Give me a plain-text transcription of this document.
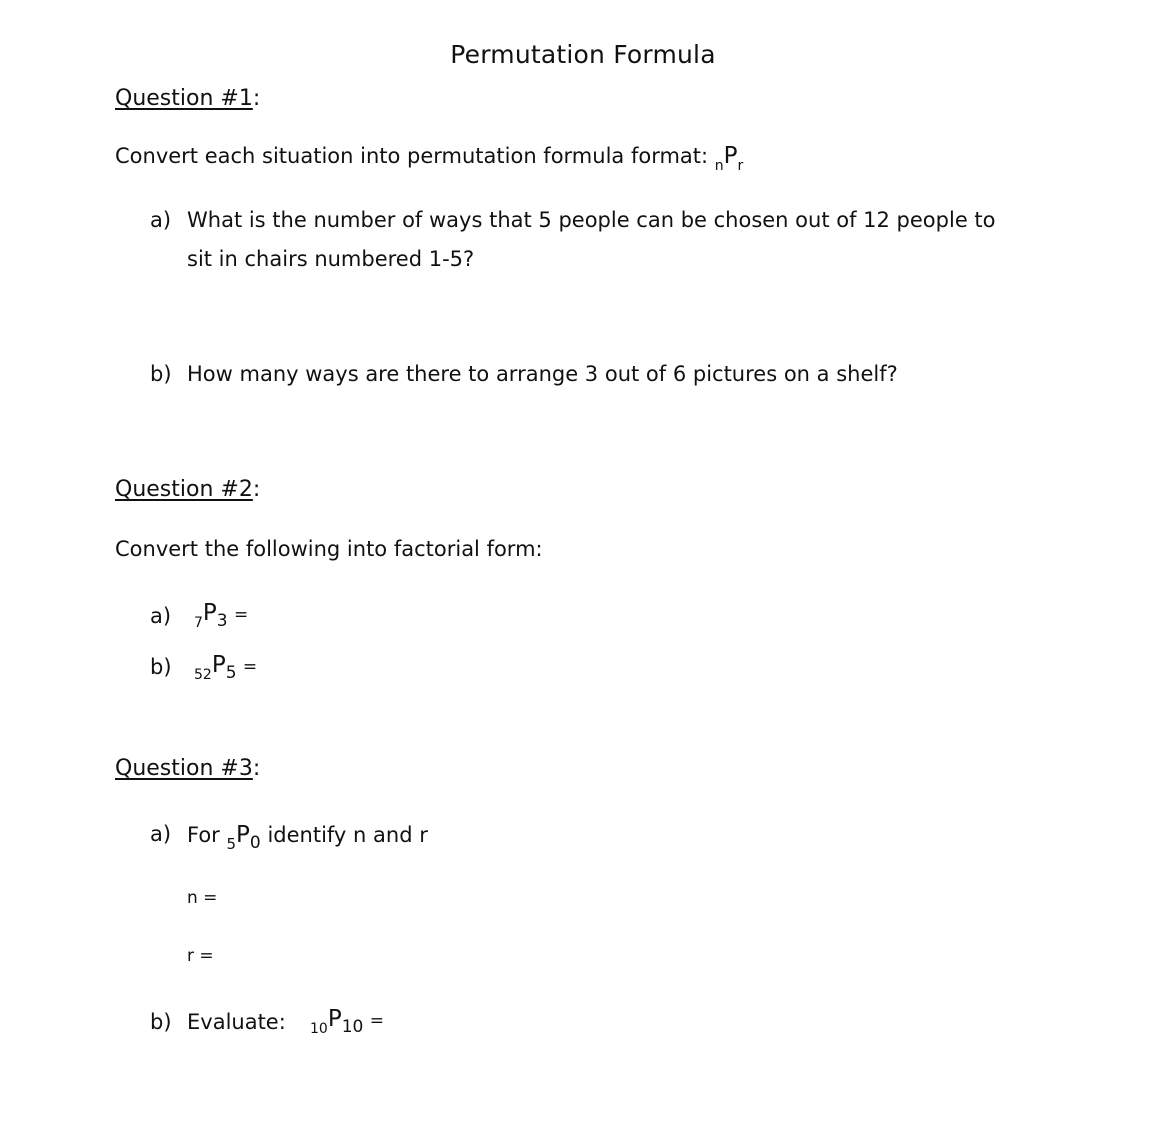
Permutation Formula
Question #1:
Convert each situation into permutation formula format: $_nP_r$
a) What is the number of ways that 5 people can be chosen out of 12 people to
sit in chairs numbered 1-5?
b) How many ways are there to arrange 3 out of 6 pictures on a shelf?
Question #2:
Convert the following into factorial form:
a) $_7P_3$ =
b) $_{52}P_5$ =
Question #3:
a) For $_5P_0$ identify n and r
n =
r =
b) Evaluate: $_{10}P_{10}$ =
